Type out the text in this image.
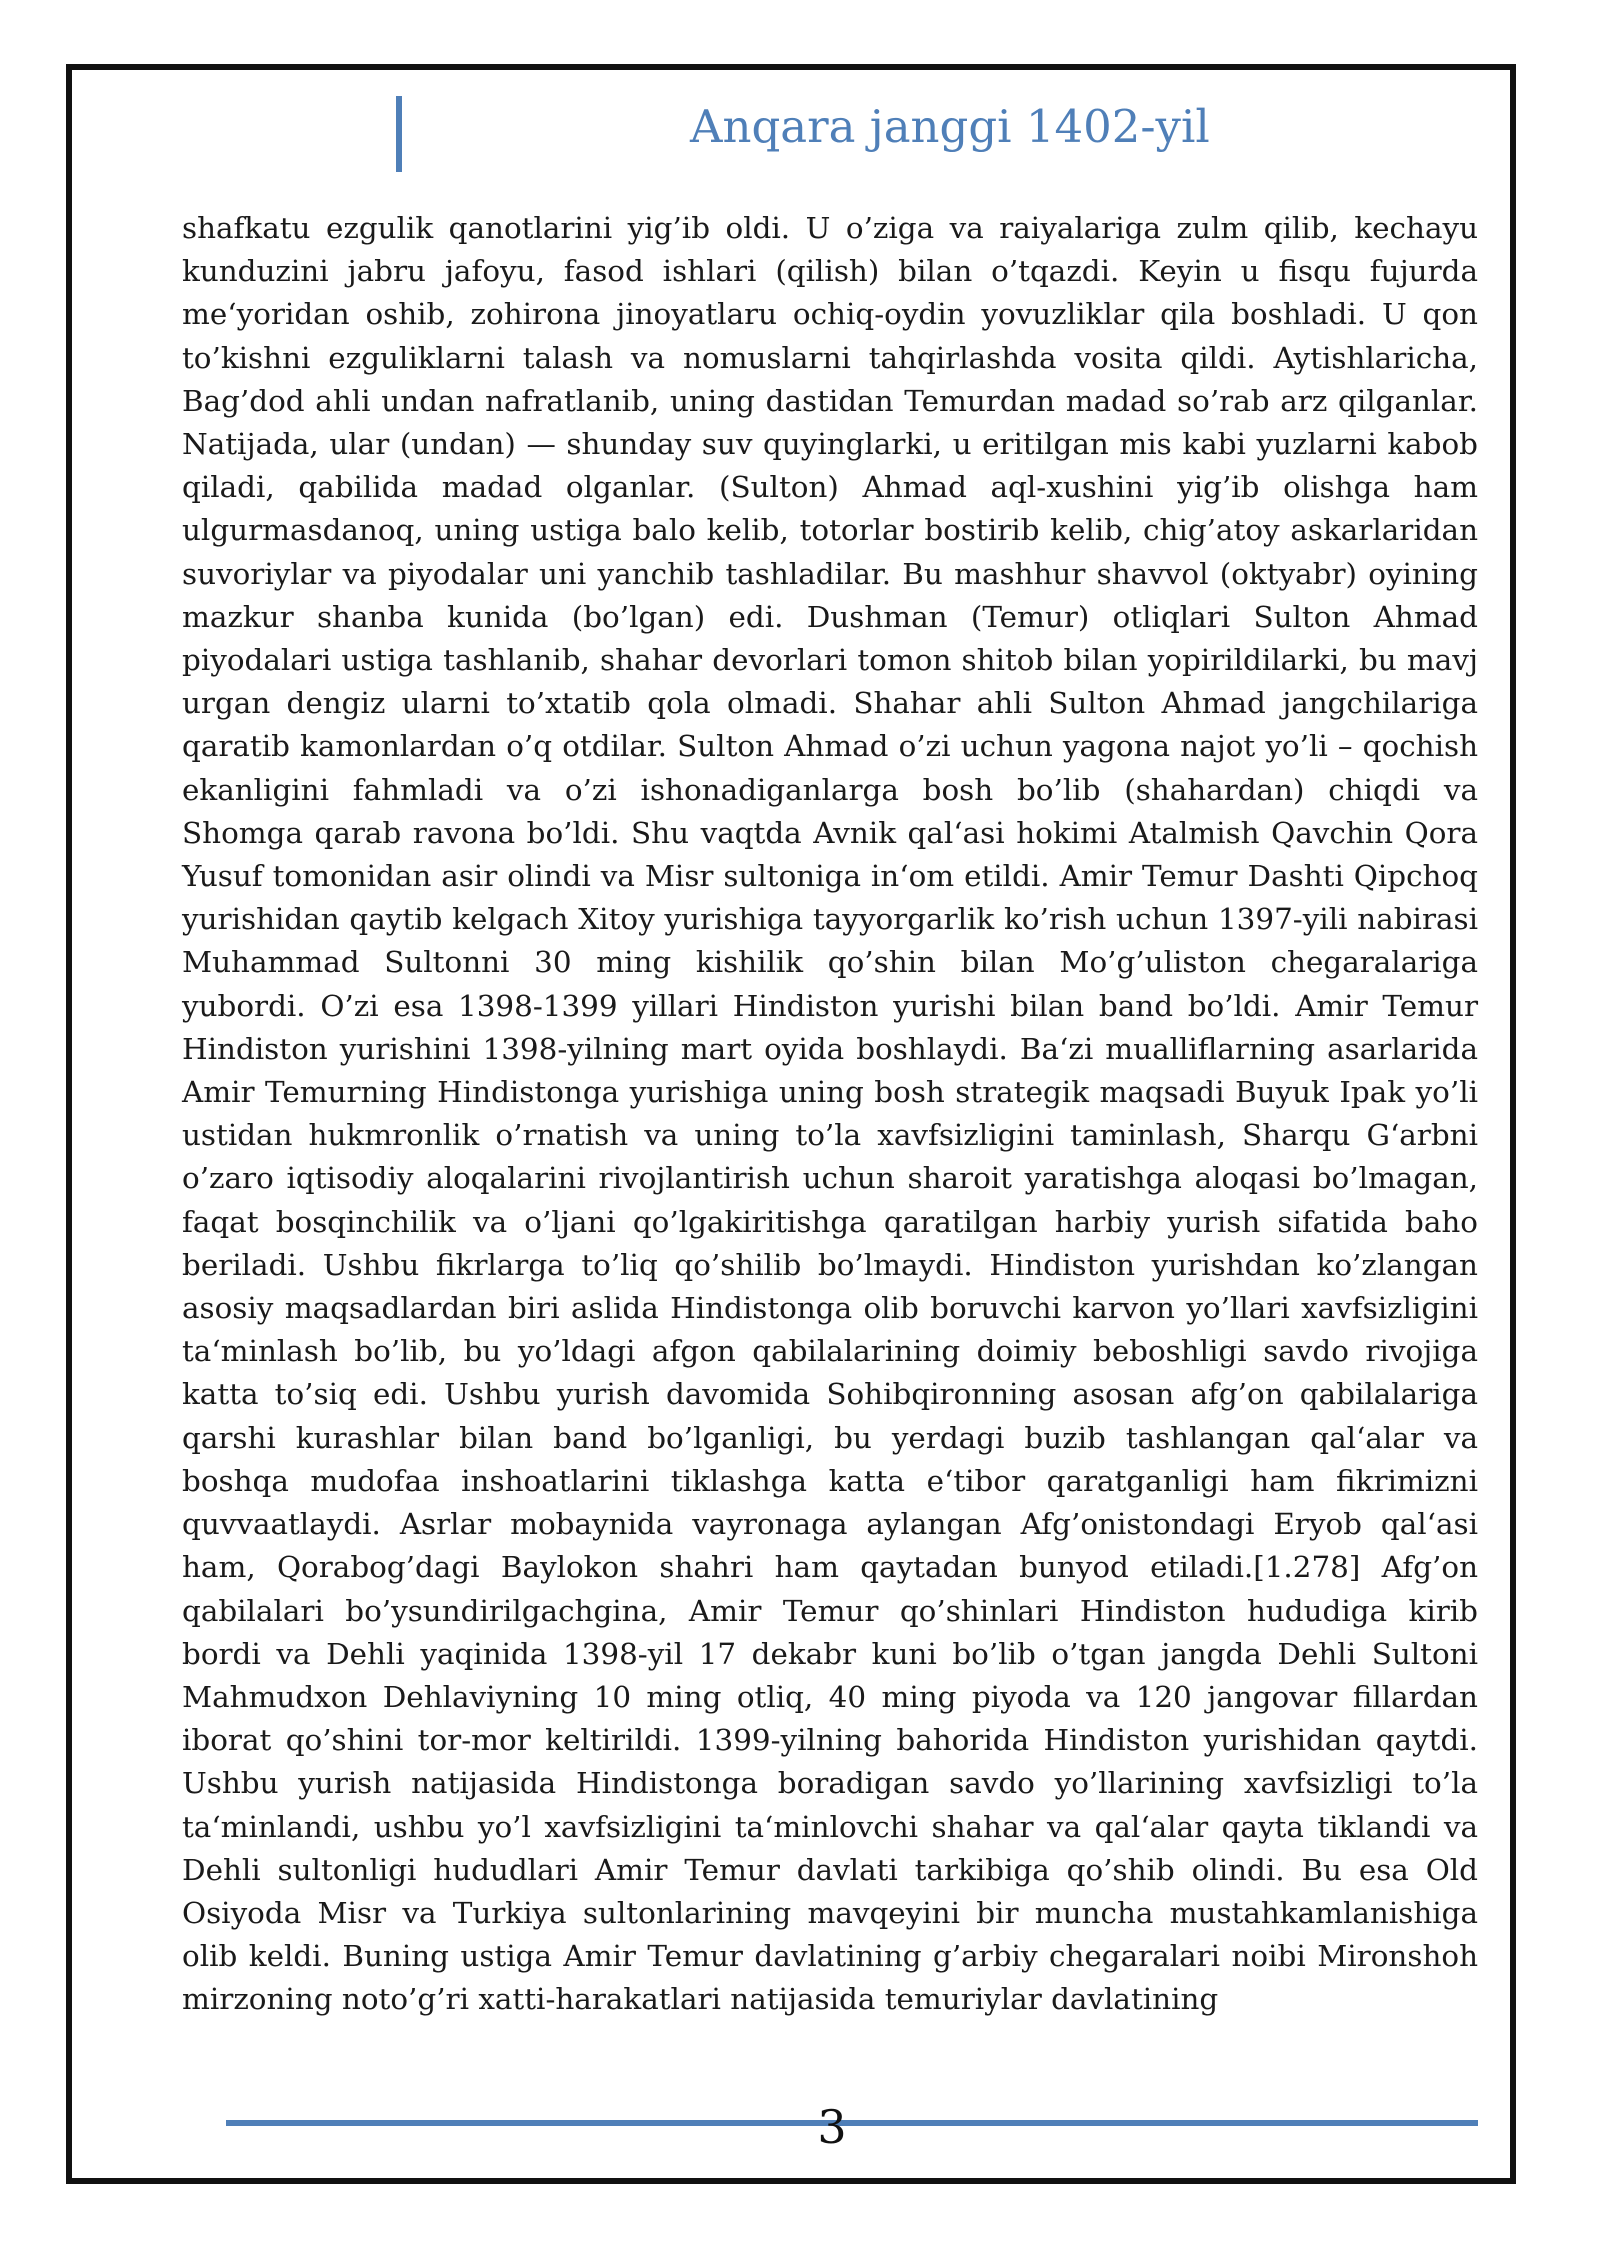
Anqara janggi 1402-yil

shafkatu ezgulik qanotlarini yig’ib oldi. U o’ziga va raiyalariga zulm qilib, kechayu kunduzini jabru jafoyu, fasod ishlari (qilish) bilan o’tqazdi. Keyin u fisqu fujurda me‘yoridan oshib, zohirona jinoyatlaru ochiq-oydin yovuzliklar qila boshladi. U qon to’kishni ezguliklarni talash va nomuslarni tahqirlashda vosita qildi. Aytishlaricha, Bag’dod ahli undan nafratlanib, uning dastidan Temurdan madad so’rab arz qilganlar. Natijada, ular (undan) — shunday suv quyinglarki, u eritilgan mis kabi yuzlarni kabob qiladi, qabilida madad olganlar. (Sulton) Ahmad aql-xushini yig’ib olishga ham ulgurmasdanoq, uning ustiga balo kelib, totorlar bostirib kelib, chig’atoy askarlaridan suvoriylar va piyodalar uni yanchib tashladilar. Bu mashhur shavvol (oktyabr) oyining mazkur shanba kunida (bo’lgan) edi. Dushman (Temur) otliqlari Sulton Ahmad piyodalari ustiga tashlanib, shahar devorlari tomon shitob bilan yopirildilarki, bu mavj urgan dengiz ularni to’xtatib qola olmadi. Shahar ahli Sulton Ahmad jangchilariga qaratib kamonlardan o’q otdilar. Sulton Ahmad o’zi uchun yagona najot yo’li – qochish ekanligini fahmladi va o’zi ishonadiganlarga bosh bo’lib (shahardan) chiqdi va Shomga qarab ravona bo’ldi. Shu vaqtda Avnik qal‘asi hokimi Atalmish Qavchin Qora Yusuf tomonidan asir olindi va Misr sultoniga in‘om etildi. Amir Temur Dashti Qipchoq yurishidan qaytib kelgach Xitoy yurishiga tayyorgarlik ko’rish uchun 1397-yili nabirasi Muhammad Sultonni 30 ming kishilik qo’shin bilan Mo’g’uliston chegaralariga yubordi. O’zi esa 1398-1399 yillari Hindiston yurishi bilan band bo’ldi. Amir Temur Hindiston yurishini 1398-yilning mart oyida boshlaydi. Ba‘zi mualliflarning asarlarida Amir Temurning Hindistonga yurishiga uning bosh strategik maqsadi Buyuk Ipak yo’li ustidan hukmronlik o’rnatish va uning to’la xavfsizligini taminlash, Sharqu G‘arbni o’zaro iqtisodiy aloqalarini rivojlantirish uchun sharoit yaratishga aloqasi bo’lmagan, faqat bosqinchilik va o’ljani qo’lgakiritishga qaratilgan harbiy yurish sifatida baho beriladi. Ushbu fikrlarga to’liq qo’shilib bo’lmaydi. Hindiston yurishdan ko’zlangan asosiy maqsadlardan biri aslida Hindistonga olib boruvchi karvon yo’llari xavfsizligini ta‘minlash bo’lib, bu yo’ldagi afgon qabilalarining doimiy beboshligi savdo rivojiga katta to’siq edi. Ushbu yurish davomida Sohibqironning asosan afg’on qabilalariga qarshi kurashlar bilan band bo’lganligi, bu yerdagi buzib tashlangan qal‘alar va boshqa mudofaa inshoatlarini tiklashga katta e‘tibor qaratganligi ham fikrimizni quvvaatlaydi. Asrlar mobaynida vayronaga aylangan Afg’onistondagi Eryob qal‘asi ham, Qorabog’dagi Baylokon shahri ham qaytadan bunyod etiladi.[1.278] Afg’on qabilalari bo’ysundirilgachgina, Amir Temur qo’shinlari Hindiston hududiga kirib bordi va Dehli yaqinida 1398-yil 17 dekabr kuni bo’lib o’tgan jangda Dehli Sultoni Mahmudxon Dehlaviyning 10 ming otliq, 40 ming piyoda va 120 jangovar fillardan iborat qo’shini tor-mor keltirildi. 1399-yilning bahorida Hindiston yurishidan qaytdi. Ushbu yurish natijasida Hindistonga boradigan savdo yo’llarining xavfsizligi to’la ta‘minlandi, ushbu yo’l xavfsizligini ta‘minlovchi shahar va qal‘alar qayta tiklandi va Dehli sultonligi hududlari Amir Temur davlati tarkibiga qo’shib olindi. Bu esa Old Osiyoda Misr va Turkiya sultonlarining mavqeyini bir muncha mustahkamlanishiga olib keldi. Buning ustiga Amir Temur davlatining g’arbiy chegaralari noibi Mironshoh mirzoning noto’g’ri xatti-harakatlari natijasida temuriylar davlatining

3
